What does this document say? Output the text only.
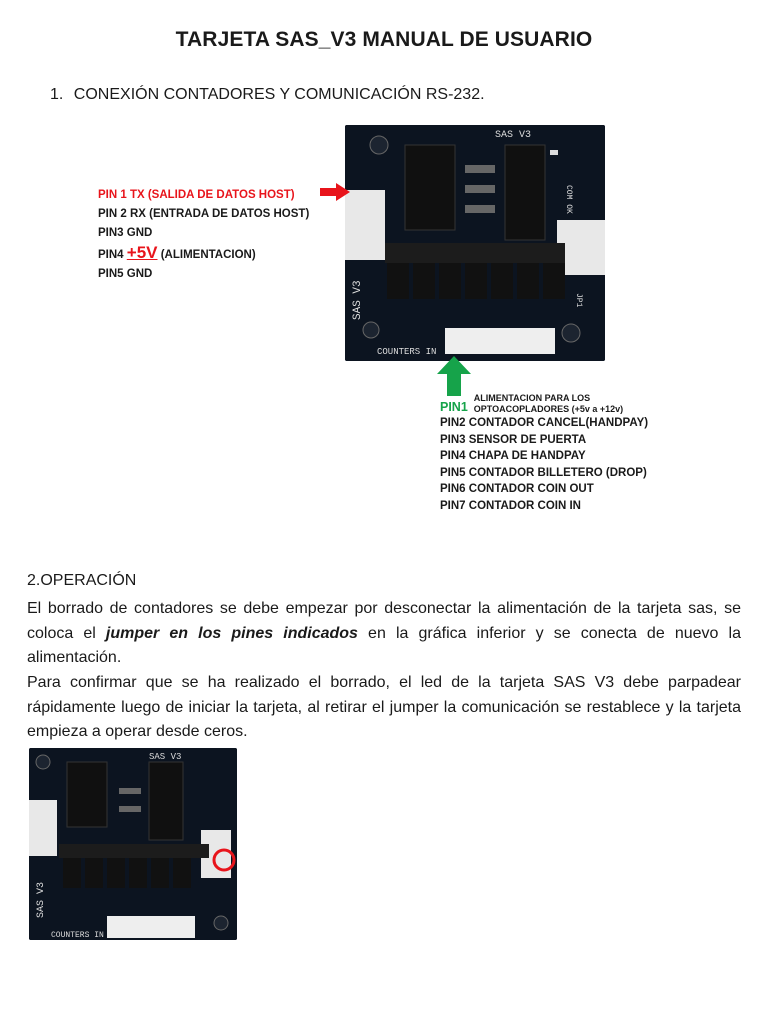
TARJETA SAS_V3 MANUAL DE USUARIO
1. CONEXIÓN CONTADORES Y COMUNICACIÓN RS-232.
SAS V3
COUNTERS IN
SAS V3
COM OK
JP1
PIN 1 TX (SALIDA DE DATOS HOST)
PIN 2 RX (ENTRADA DE DATOS HOST)
PIN3 GND
PIN4 +5V (ALIMENTACION)
PIN5 GND
PIN1
ALIMENTACION PARA LOS
OPTOACOPLADORES (+5v a +12v)
PIN2 CONTADOR CANCEL(HANDPAY)
PIN3 SENSOR DE PUERTA
PIN4 CHAPA DE HANDPAY
PIN5 CONTADOR BILLETERO (DROP)
PIN6 CONTADOR COIN OUT
PIN7 CONTADOR COIN IN
2.OPERACIÓN
El borrado de contadores se debe empezar por desconectar la alimentación de la tarjeta sas, se coloca el jumper en los pines indicados en la gráfica inferior y se conecta de nuevo la alimentación.
Para confirmar que se ha realizado el borrado, el led de la tarjeta SAS V3 debe parpadear rápidamente luego de iniciar la tarjeta, al retirar el jumper la comunicación se restablece y la tarjeta empieza a operar desde ceros.
SAS V3
COUNTERS IN
SAS V3
